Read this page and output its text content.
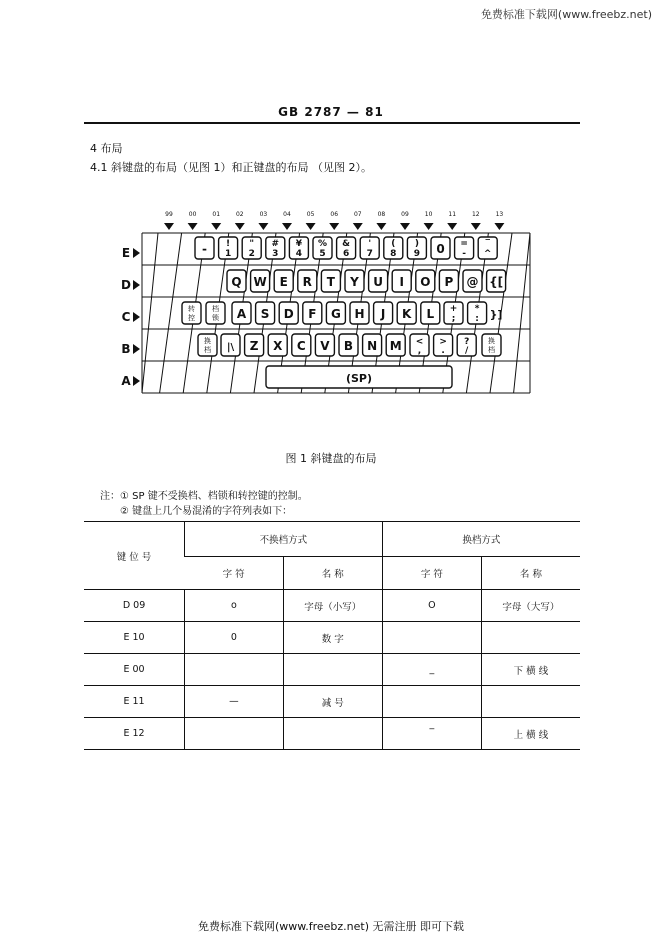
免费标准下载网(www.freebz.net)
GB 2787 — 81
4 布局
4.1 斜键盘的布局（见图 1）和正键盘的布局 （见图 2）。
99	00	01	02	03	04	05	06	07	08	09	10	11	12	13
E
D
C
B
A
- !
1
"
2
#
3
¥
4
%
5
&
6
'
7
(
8
)
9 0 =
-
‾
^
Q W E R T Y U I O P @ {[
转
控
档
锁 A S D F G H J K L +
;
*
: }]
换
档 |\ Z X C V B N M <
,
>
.
?
/
换
档
(SP)
图 1 斜键盘的布局
注：① SP 键不受换档、档锁和转控键的控制。
② 键盘上几个易混淆的字符列表如下：
键 位 号	不换档方式		换档方式	
	字 符	名 称	字 符	名 称
D 09	o	字母（小写）	O	字母（大写）
E 10	0	数 字		
E 00			_	下 横 线
E 11	—	减 号		
E 12			‾	上 横 线
免费标准下载网(www.freebz.net) 无需注册 即可下载
